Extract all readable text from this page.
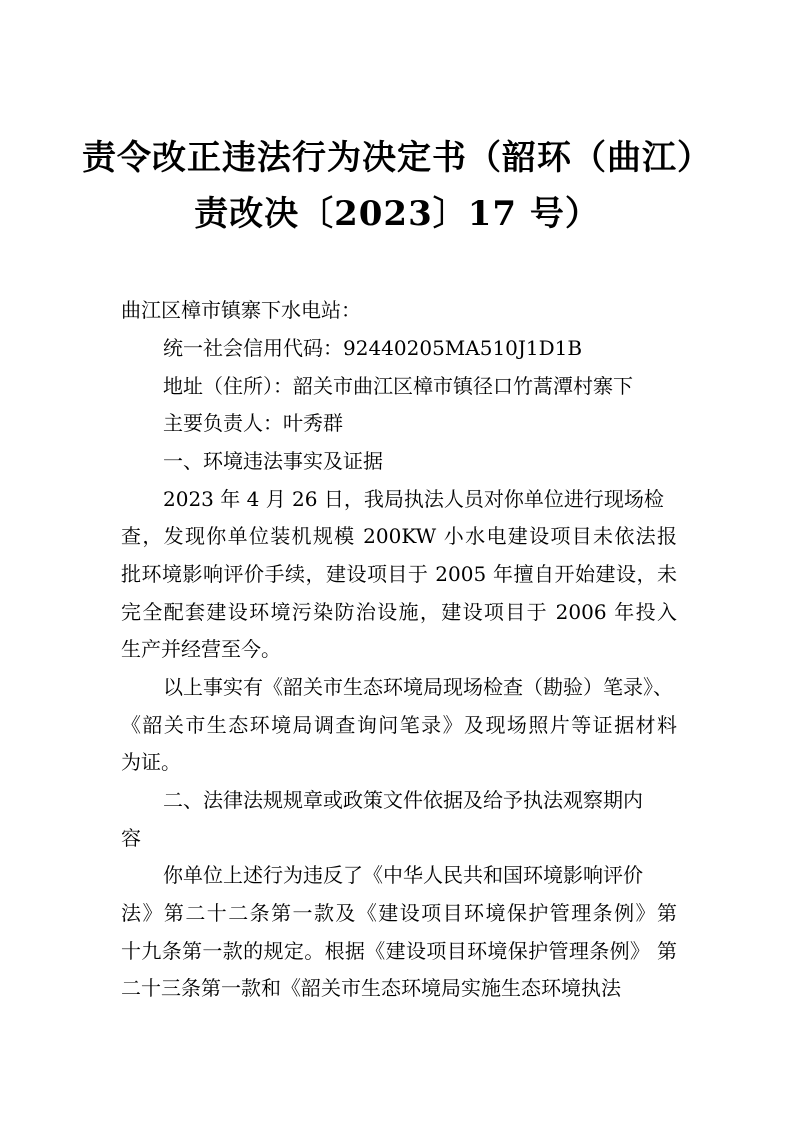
责令改正违法行为决定书（韶环（曲江）
责改决〔2023〕17 号）
曲江区樟市镇寨下水电站：
统一社会信用代码：92440205MA510J1D1B
地址（住所）：韶关市曲江区樟市镇径口竹蒿潭村寨下
主要负责人：叶秀群
一、环境违法事实及证据
2023 年 4 月 26 日，我局执法人员对你单位进行现场检
查，发现你单位装机规模 200KW 小水电建设项目未依法报
批环境影响评价手续，建设项目于 2005 年擅自开始建设，未
完全配套建设环境污染防治设施，建设项目于 2006 年投入
生产并经营至今。
以上事实有《韶关市生态环境局现场检查（勘验）笔录》、
《韶关市生态环境局调查询问笔录》及现场照片等证据材料
为证。
二、法律法规规章或政策文件依据及给予执法观察期内
容
你单位上述行为违反了《中华人民共和国环境影响评价
法》第二十二条第一款及《建设项目环境保护管理条例》第
十九条第一款的规定。根据《建设项目环境保护管理条例》 第
二十三条第一款和《韶关市生态环境局实施生态环境执法
